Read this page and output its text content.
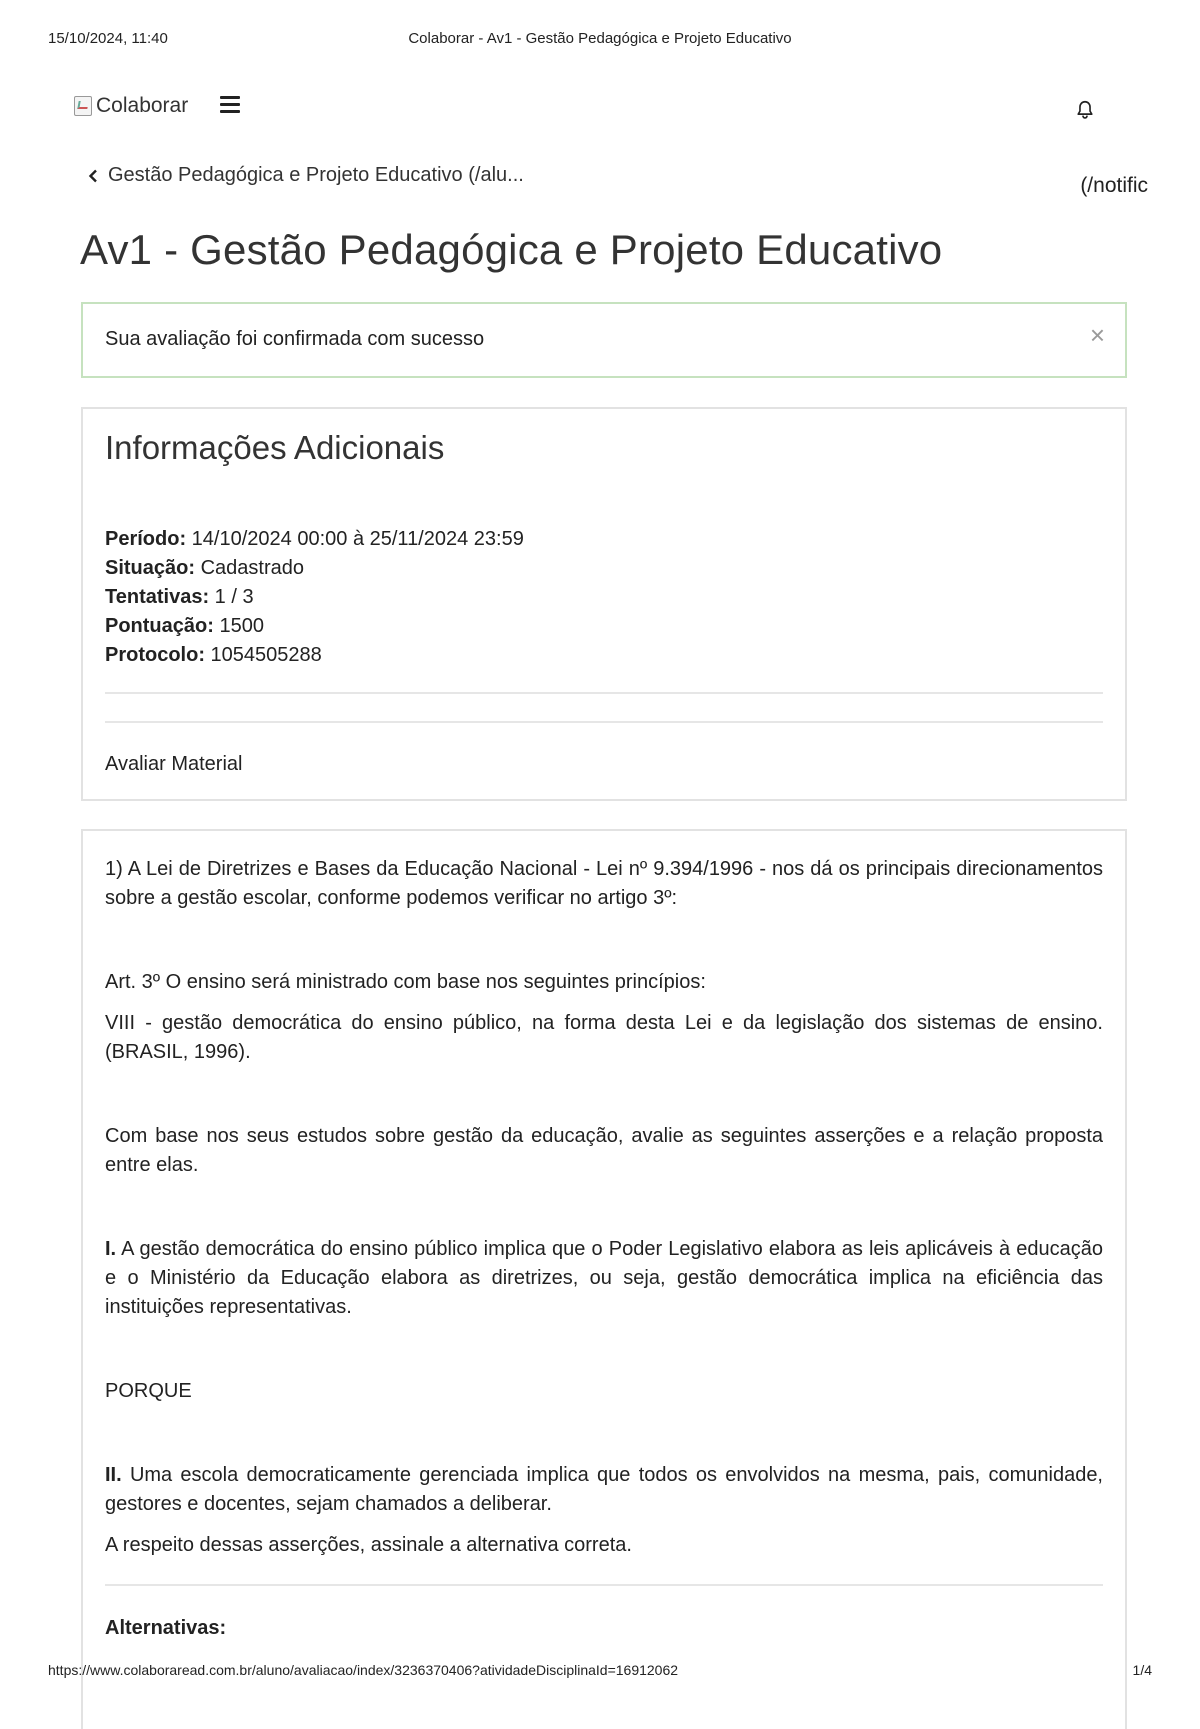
15/10/2024, 11:40	Colaborar - Av1 - Gestão Pedagógica e Projeto Educativo
Colaborar
Gestão Pedagógica e Projeto Educativo (/alu...	(/notific
Av1 - Gestão Pedagógica e Projeto Educativo
Sua avaliação foi confirmada com sucesso	×
Informações Adicionais
Período: 14/10/2024 00:00 à 25/11/2024 23:59
Situação: Cadastrado
Tentativas: 1 / 3
Pontuação: 1500
Protocolo: 1054505288
Avaliar Material

1) A Lei de Diretrizes e Bases da Educação Nacional - Lei nº 9.394/1996 - nos dá os principais direcionamentos sobre a gestão escolar, conforme podemos verificar no artigo 3º:

Art. 3º O ensino será ministrado com base nos seguintes princípios:

VIII - gestão democrática do ensino público, na forma desta Lei e da legislação dos sistemas de ensino. (BRASIL, 1996).

Com base nos seus estudos sobre gestão da educação, avalie as seguintes asserções e a relação proposta entre elas.

I. A gestão democrática do ensino público implica que o Poder Legislativo elabora as leis aplicáveis à educação e o Ministério da Educação elabora as diretrizes, ou seja, gestão democrática implica na eficiência das instituições representativas.

PORQUE

II. Uma escola democraticamente gerenciada implica que todos os envolvidos na mesma, pais, comunidade, gestores e docentes, sejam chamados a deliberar.

A respeito dessas asserções, assinale a alternativa correta.

Alternativas:

https://www.colaboraread.com.br/aluno/avaliacao/index/3236370406?atividadeDisciplinaId=16912062	1/4
